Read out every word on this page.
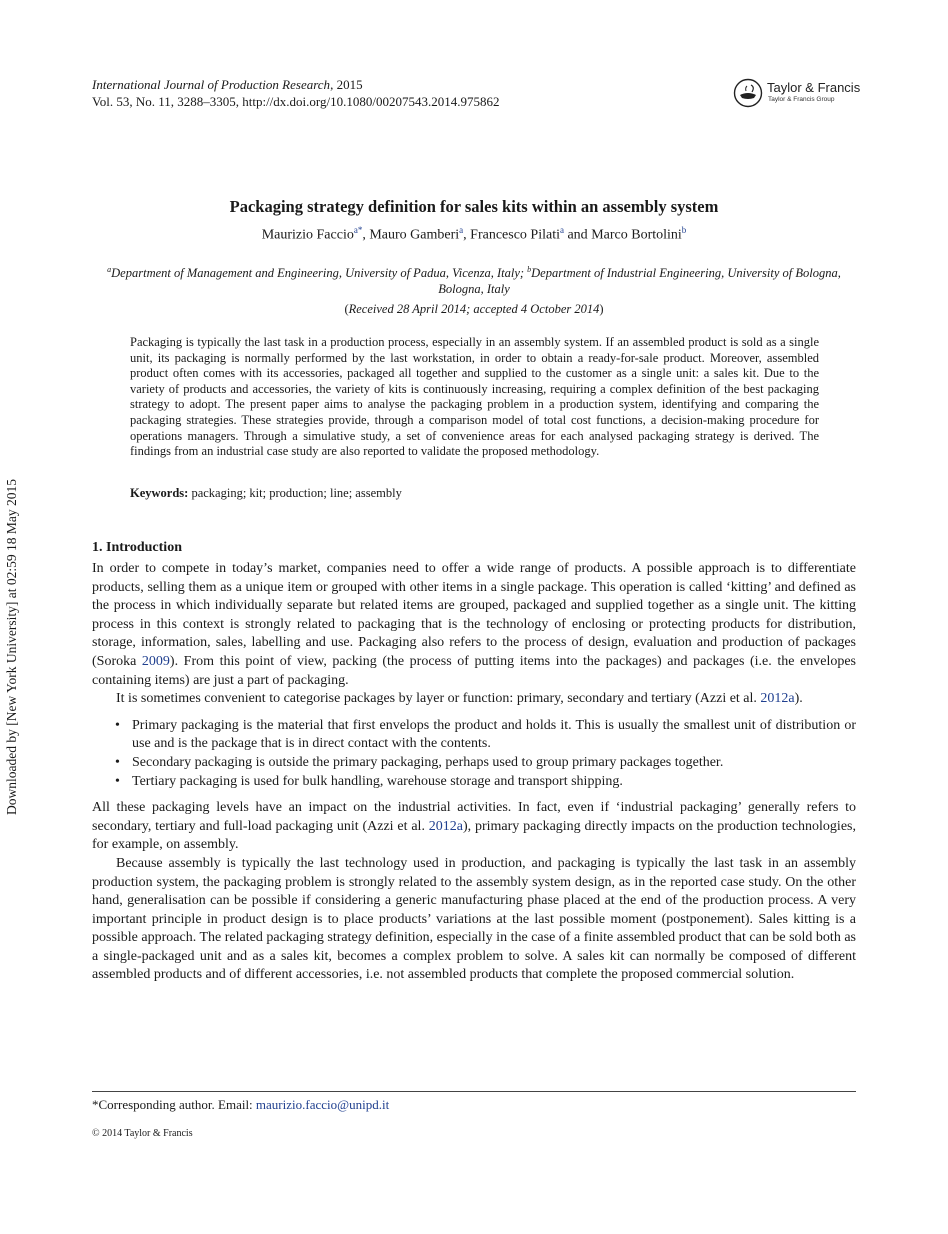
International Journal of Production Research, 2015
Vol. 53, No. 11, 3288–3305, http://dx.doi.org/10.1080/00207543.2014.975862
Taylor & Francis
Taylor & Francis Group
Downloaded by [New York University] at 02:59 18 May 2015
Packaging strategy definition for sales kits within an assembly system
Maurizio Faccio$^{a*}$, Mauro Gamberi$^a$, Francesco Pilati$^a$ and Marco Bortolini$^b$
$^a$Department of Management and Engineering, University of Padua, Vicenza, Italy; $^b$Department of Industrial Engineering, University of Bologna, Bologna, Italy
(Received 28 April 2014; accepted 4 October 2014)
Packaging is typically the last task in a production process, especially in an assembly system. If an assembled product is sold as a single unit, its packaging is normally performed by the last workstation, in order to obtain a ready-for-sale product. Moreover, assembled product often comes with its accessories, packaged all together and supplied to the customer as a single unit: a sales kit. Due to the variety of products and accessories, the variety of kits is continuously increasing, requiring a complex definition of the best packaging strategy to adopt. The present paper aims to analyse the packaging problem in a production system, identifying and comparing the packaging strategies. These strategies provide, through a comparison model of total cost functions, a decision-making procedure for operations managers. Through a simulative study, a set of convenience areas for each analysed packaging strategy is derived. The findings from an industrial case study are also reported to validate the proposed methodology.
Keywords: packaging; kit; production; line; assembly
1. Introduction

In order to compete in today’s market, companies need to offer a wide range of products. A possible approach is to differentiate products, selling them as a unique item or grouped with other items in a single package. This operation is called ‘kitting’ and defined as the process in which individually separate but related items are grouped, packaged and supplied together as a single unit. The kitting process in this context is strongly related to packaging that is the technology of enclosing or protecting products for distribution, storage, information, sales, labelling and use. Packaging also refers to the process of design, evaluation and production of packages (Soroka 2009). From this point of view, packing (the process of putting items into the packages) and packages (i.e. the envelopes containing items) are just a part of packaging.

It is sometimes convenient to categorise packages by layer or function: primary, secondary and tertiary (Azzi et al. 2012a).

• Primary packaging is the material that first envelops the product and holds it. This is usually the smallest unit of distribution or use and is the package that is in direct contact with the contents.
• Secondary packaging is outside the primary packaging, perhaps used to group primary packages together.
• Tertiary packaging is used for bulk handling, warehouse storage and transport shipping.

All these packaging levels have an impact on the industrial activities. In fact, even if ‘industrial packaging’ generally refers to secondary, tertiary and full-load packaging unit (Azzi et al. 2012a), primary packaging directly impacts on the production technologies, for example, on assembly.

Because assembly is typically the last technology used in production, and packaging is typically the last task in an assembly production system, the packaging problem is strongly related to the assembly system design, as in the reported case study. On the other hand, generalisation can be possible if considering a generic manufacturing phase placed at the end of the production process. A very important principle in product design is to place products’ variations at the last possible moment (postponement). Sales kitting is a possible approach. The related packaging strategy definition, especially in the case of a finite assembled product that can be sold both as a single-packaged unit and as a sales kit, becomes a complex problem to solve. A sales kit can normally be composed of different assembled products and of different accessories, i.e. not assembled products that complete the proposed commercial solution.

*Corresponding author. Email: maurizio.faccio@unipd.it
© 2014 Taylor & Francis
